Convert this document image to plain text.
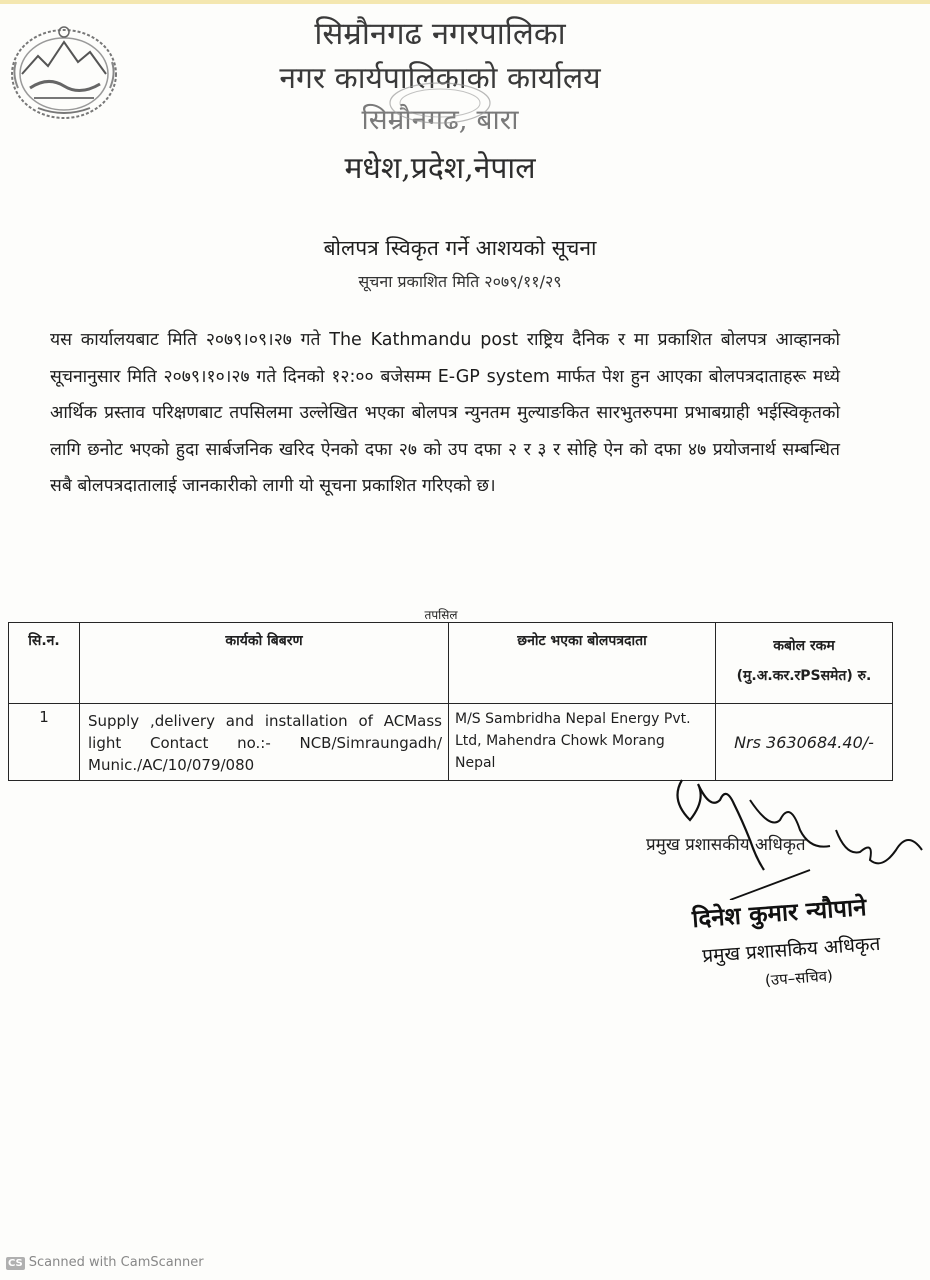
सिम्रौनगढ नगरपालिका
नगर कार्यपालिकाको कार्यालय
सिम्रौनगढ, बारा
मधेश,प्रदेश,नेपाल
बोलपत्र स्विकृत गर्ने आशयको सूचना
सूचना प्रकाशित मिति २०७९/११/२९
यस कार्यालयबाट मिति २०७९।०९।२७ गते The Kathmandu post राष्ट्रिय दैनिक र मा प्रकाशित बोलपत्र आव्हानको सूचनानुसार मिति २०७९।१०।२७ गते दिनको १२:०० बजेसम्म E-GP system मार्फत पेश हुन आएका बोलपत्रदाताहरू मध्ये आर्थिक प्रस्ताव परिक्षणबाट तपसिलमा उल्लेखित भएका बोलपत्र न्युनतम मुल्याङकित सारभुतरुपमा प्रभाबग्राही भईस्विकृतको लागि छनोट भएको हुदा सार्बजनिक खरिद ऐनको दफा २७ को उप दफा २ र ३ र सोहि ऐन को दफा ४७ प्रयोजनार्थ सम्बन्धित सबै बोलपत्रदातालाई जानकारीको लागी यो सूचना प्रकाशित गरिएको छ।
तपसिल
सि.न.	कार्यको बिबरण	छनोट भएका बोलपत्रदाता	कबोल रकम
(मु.अ.कर.रPSसमेत) रु.

1	Supply ,delivery and installation of ACMass light Contact no.:- NCB/Simraungadh/ Munic./AC/10/079/080	M/S Sambridha Nepal Energy Pvt. Ltd, Mahendra Chowk Morang Nepal	Nrs 3630684.40/-
प्रमुख प्रशासकीय अधिकृत
दिनेश कुमार न्यौपाने
प्रमुख प्रशासकिय अधिकृत
(उप–सचिव)
CS Scanned with CamScanner
